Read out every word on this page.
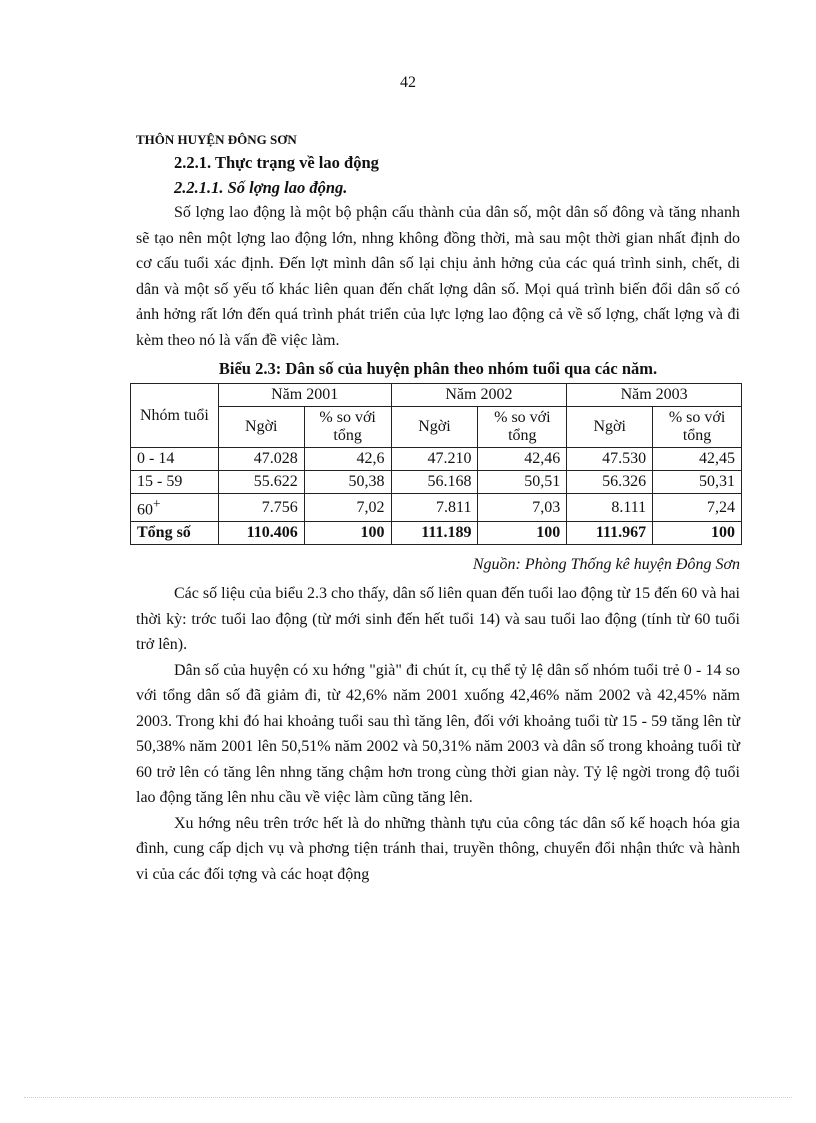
42
THÔN HUYỆN ĐÔNG SƠN
2.2.1. Thực trạng về lao động
2.2.1.1. Số lợng lao động.

Số lợng lao động là một bộ phận cấu thành của dân số, một dân số đông và tăng nhanh sẽ tạo nên một lợng lao động lớn, nhng không đồng thời, mà sau một thời gian nhất định do cơ cấu tuổi xác định. Đến lợt mình dân số lại chịu ảnh hởng của các quá trình sinh, chết, di dân và một số yếu tố khác liên quan đến chất lợng dân số. Mọi quá trình biến đổi dân số có ảnh hởng rất lớn đến quá trình phát triển của lực lợng lao động cả về số lợng, chất lợng và đi kèm theo nó là vấn đề việc làm.

Biểu 2.3: Dân số của huyện phân theo nhóm tuổi qua các năm.
Nhóm tuổi	Năm 2001		Năm 2002		Năm 2003	
	Ngời	% so với tổng	Ngời	% so với tổng	Ngời	% so với tổng
0 - 14	47.028	42,6	47.210	42,46	47.530	42,45
15 - 59	55.622	50,38	56.168	50,51	56.326	50,31
60+	7.756	7,02	7.811	7,03	8.111	7,24
Tổng số	110.406	100	111.189	100	111.967	100
Nguồn: Phòng Thống kê huyện Đông Sơn

Các số liệu của biểu 2.3 cho thấy, dân số liên quan đến tuổi lao động từ 15 đến 60 và hai thời kỳ: trớc tuổi lao động (từ mới sinh đến hết tuổi 14) và sau tuổi lao động (tính từ 60 tuổi trở lên).

Dân số của huyện có xu hớng "già" đi chút ít, cụ thể tỷ lệ dân số nhóm tuổi trẻ 0 - 14 so với tổng dân số đã giảm đi, từ 42,6% năm 2001 xuống 42,46% năm 2002 và 42,45% năm 2003. Trong khi đó hai khoảng tuổi sau thì tăng lên, đối với khoảng tuổi từ 15 - 59 tăng lên từ 50,38% năm 2001 lên 50,51% năm 2002 và 50,31% năm 2003 và dân số trong khoảng tuổi từ 60 trở lên có tăng lên nhng tăng chậm hơn trong cùng thời gian này. Tỷ lệ ngời trong độ tuổi lao động tăng lên nhu cầu về việc làm cũng tăng lên.

Xu hớng nêu trên trớc hết là do những thành tựu của công tác dân số kế hoạch hóa gia đình, cung cấp dịch vụ và phơng tiện tránh thai, truyền thông, chuyển đổi nhận thức và hành vi của các đối tợng và các hoạt động
